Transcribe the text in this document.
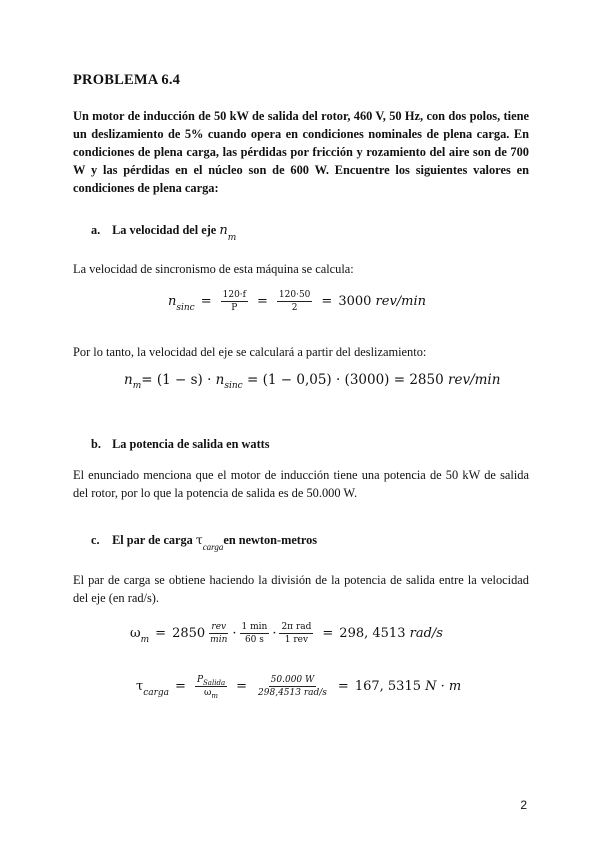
PROBLEMA 6.4
Un motor de inducción de 50 kW de salida del rotor, 460 V, 50 Hz, con dos polos, tiene un deslizamiento de 5% cuando opera en condiciones nominales de plena carga. En condiciones de plena carga, las pérdidas por fricción y rozamiento del aire son de 700 W y las pérdidas en el núcleo son de 600 W. Encuentre los siguientes valores en condiciones de plena carga:
a. La velocidad del eje $n_m$
La velocidad de sincronismo de esta máquina se calcula:
n $\sin c = \frac{120\cdot f}{P} = \frac{120\cdot 50}{2} = 3000$
rev/min
Por lo tanto, la velocidad del eje se calculará a partir del deslizamiento:
n m = (1 − s) · n sinc = (1 − 0,05) · (3000) = 2850 rev/min
b. La potencia de salida en watts
El enunciado menciona que el motor de inducción tiene una potencia de 50 kW de salida del rotor, por lo que la potencia de salida es de 50.000 W.
c. El par de carga $\tau_{carga}en$ newton-metros
El par de carga se obtiene haciendo la división de la potencia de salida entre la velocidad del eje (en rad/s).
ω $m = 2850 \frac{\text{rev}}{\min} \cdot \frac{1 \min}{60 s} \cdot \frac{\text{2π rad}}{\text{1 rev}} = 298$, 4513
rad/s
τ carga = $\frac{P_{Salida}}{\omega_m} = \frac{50.000 W}{\text{298,4513 rad/s}} = 167$, 5315
N · m
2
